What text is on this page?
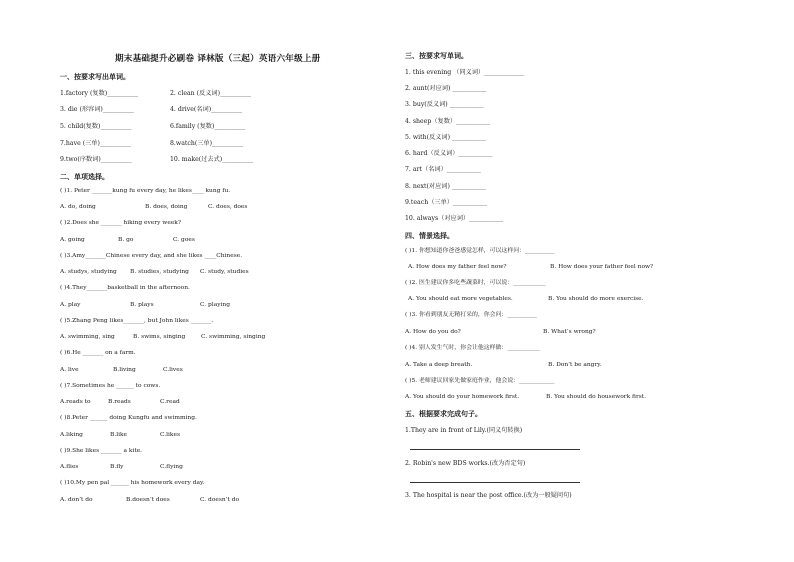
期末基础提升必刷卷 译林版（三起）英语六年级上册
一、按要求写出单词。
1.factory (复数)__________	2. clean (反义词)__________
3. die (形容词)__________	4. drive(名词)__________
5. child(复数)__________	6.family (复数)__________
7.have (三单)__________	8.watch(三单)__________
9.two(序数词)__________	10. make(过去式)__________
二、单项选择。
( )1. Peter _______kung fu every day, he likes____ kung fu.
A. do, doing	B. does, doing	C. does, does
( )2.Does she _______ hiking every week?
A. going	B. go	C. goes
( )3.Amy_______Chinese every day, and she likes ____Chinese.
A. studys, studying B. studies, studying C. study, studies
( )4.They_______basketball in the afternoon.
A. play	B. plays	C. playing
( )5.Zhang Peng likes_______, but John likes _______.
A. swimming, sing	B. swims, singing	C. swimming, singing
( )6.He _______ on a farm.
A. live	B.living	C.lives
( )7.Sometimes he ______ to cows.
A.reads to	B.reads	C.read
( )8.Peter ______ doing Kungfu and swimming.
A.liking	B.like	C.likes
( )9.She likes _______ a kite.
A.flies	B.fly	C.flying
( )10.My pen pal ______ his homework every day.
A. don’t do	B.doesn’t does	C. doesn’t do
三、按要求写单词。
1. this evening （同义词）_____________
2. aunt(对应词) ___________
3. buy(反义词) ___________
4. sheep（复数）___________
5. with(反义词) ___________
6. hard（反义词）___________
7. art（名词）___________
8. next(对应词) ___________
9.teach（三单）___________
10. always（对应词）___________
四、情景选择。
( )1. 你想知道你爸爸感觉怎样，可以这样问：__________
A. How does my father feel now?	B. How does your father feel now?
( )2. 医生建议你多吃些蔬菜时，可以说：___________
A. You should eat more vegetables.	B. You should do more exercise.
( )3. 你看到朋友无精打采的，你会问：__________
A. How do you do?	B. What’s wrong?
( )4. 别人发生气时，你会让他这样做：___________
A. Take a deep breath.	B. Don’t be angry.
( )5. 老师建议回家先做家庭作业，他会说：____________
A. You should do your homework first.	B. You should do housework first.
五、根据要求完成句子。
1.They are in front of Lily.(同义句转换)
2. Robin's new BDS works.(改为否定句)
3. The hospital is near the post office.(改为一般疑问句)
